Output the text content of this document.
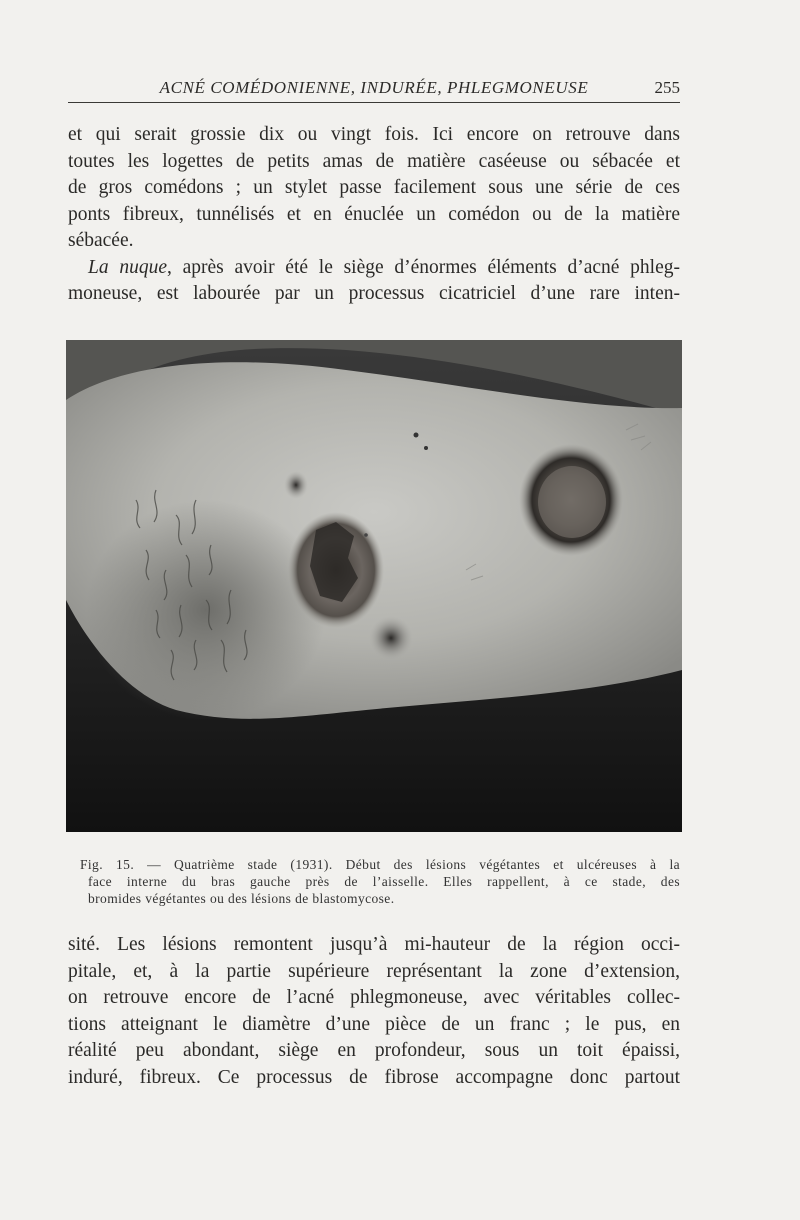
ACNÉ COMÉDONIENNE, INDURÉE, PHLEGMONEUSE	255

et qui serait grossie dix ou vingt fois. Ici encore on retrouve dans
toutes les logettes de petits amas de matière caséeuse ou sébacée et
de gros comédons ; un stylet passe facilement sous une série de ces
ponts fibreux, tunnélisés et en énuclée un comédon ou de la matière
sébacée.
La nuque, après avoir été le siège d’énormes éléments d’acné phleg-
moneuse, est labourée par un processus cicatriciel d’une rare inten-

Fig. 15. — Quatrième stade (1931). Début des lésions végétantes et ulcéreuses à la
face interne du bras gauche près de l’aisselle. Elles rappellent, à ce stade, des
bromides végétantes ou des lésions de blastomycose.

sité. Les lésions remontent jusqu’à mi-hauteur de la région occi-
pitale, et, à la partie supérieure représentant la zone d’extension,
on retrouve encore de l’acné phlegmoneuse, avec véritables collec-
tions atteignant le diamètre d’une pièce de un franc ; le pus, en
réalité peu abondant, siège en profondeur, sous un toit épaissi,
induré, fibreux. Ce processus de fibrose accompagne donc partout
